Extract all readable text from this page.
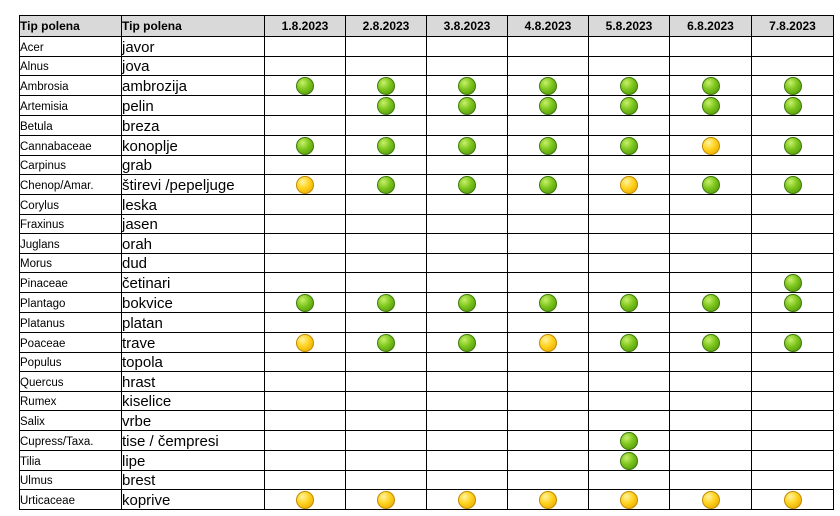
Tip polena	Tip polena	1.8.2023	2.8.2023	3.8.2023	4.8.2023	5.8.2023	6.8.2023	7.8.2023
Acer	javor							
Alnus	jova							
Ambrosia	ambrozija							
Artemisia	pelin							
Betula	breza							
Cannabaceae	konoplje							
Carpinus	grab							
Chenop/Amar.	štirevi /pepeljuge							
Corylus	leska							
Fraxinus	jasen							
Juglans	orah							
Morus	dud							
Pinaceae	četinari							
Plantago	bokvice							
Platanus	platan							
Poaceae	trave							
Populus	topola							
Quercus	hrast							
Rumex	kiselice							
Salix	vrbe							
Cupress/Taxa.	tise / čempresi							
Tilia	lipe							
Ulmus	brest							
Urticaceae	koprive							
